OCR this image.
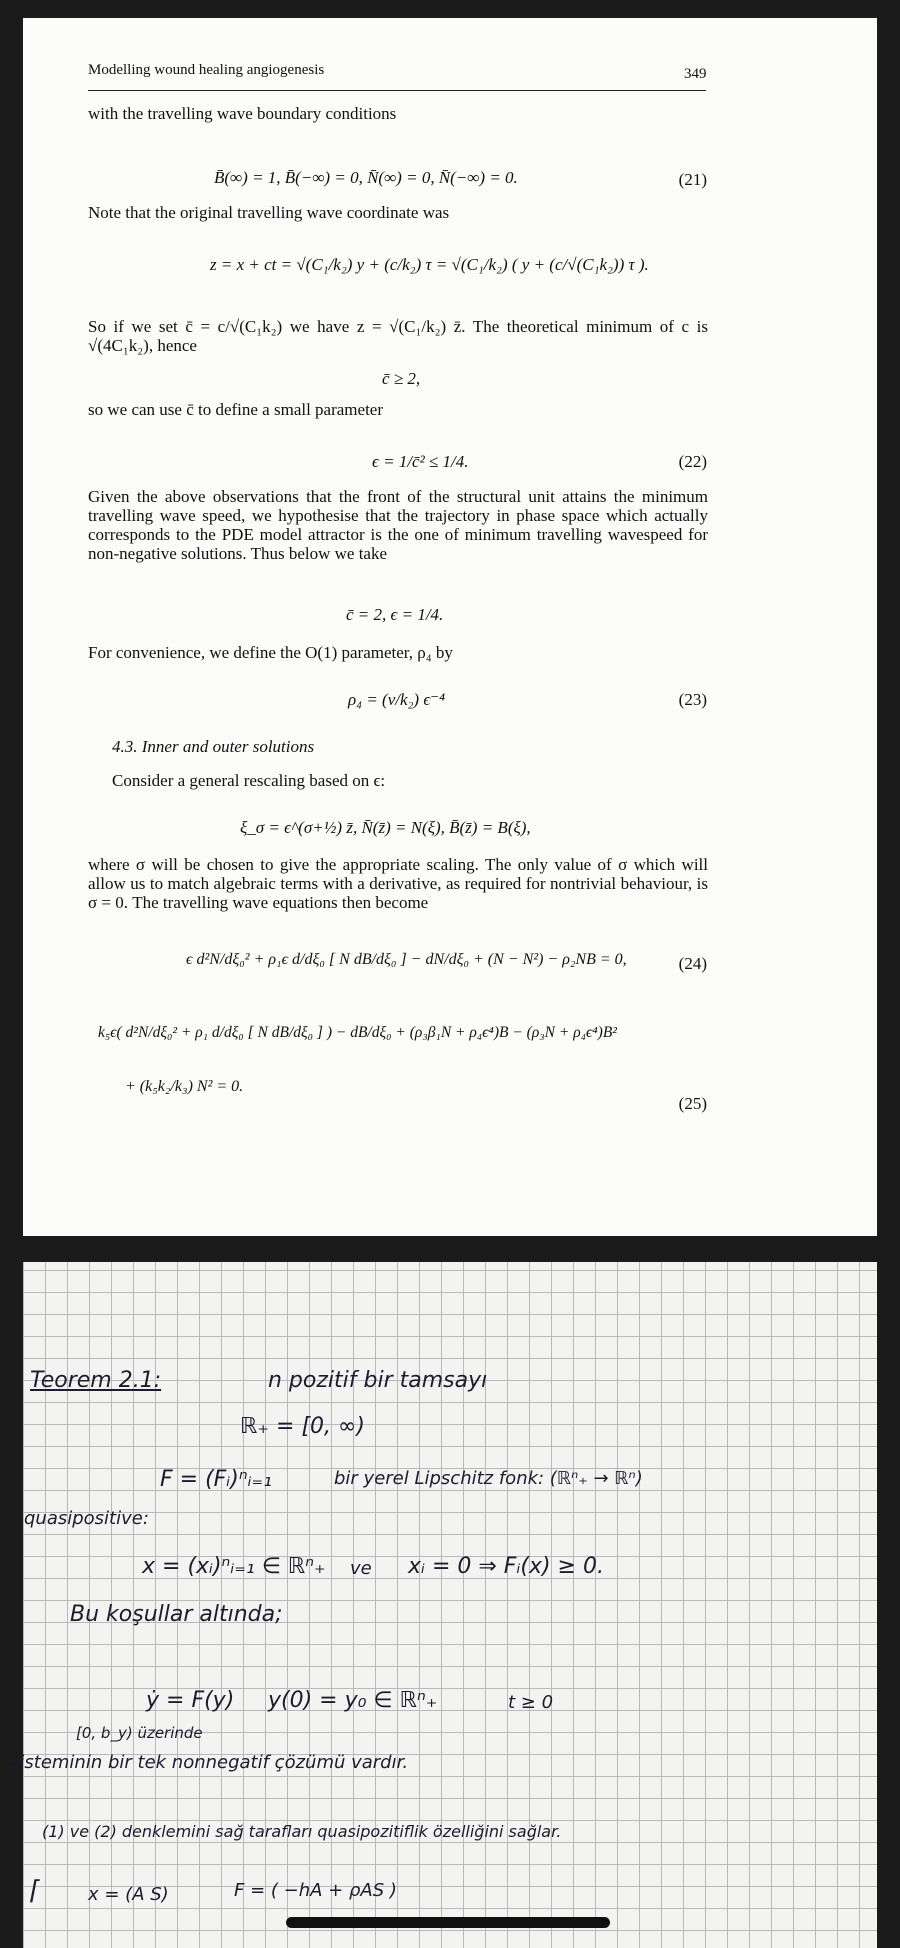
Modelling wound healing angiogenesis	349
with the travelling wave boundary conditions
B̄(∞) = 1, B̄(−∞) = 0, N̄(∞) = 0, N̄(−∞) = 0.	(21)
Note that the original travelling wave coordinate was
z = x + ct = √(C₁/k₂) y + (c/k₂) τ = √(C₁/k₂) ( y + (c/√(C₁k₂)) τ ).
So if we set c̄ = c/√(C₁k₂) we have z = √(C₁/k₂) z̄. The theoretical minimum of c is √(4C₁k₂), hence
c̄ ≥ 2,
so we can use c̄ to define a small parameter
ϵ = 1/c̄² ≤ 1/4.	(22)
Given the above observations that the front of the structural unit attains the minimum travelling wave speed, we hypothesise that the trajectory in phase space which actually corresponds to the PDE model attractor is the one of minimum travelling wavespeed for non-negative solutions. Thus below we take
c̄ = 2, ϵ = 1/4.
For convenience, we define the O(1) parameter, ρ₄ by
ρ₄ = (ν/k₂) ϵ⁻⁴	(23)
4.3. Inner and outer solutions
Consider a general rescaling based on ϵ:
ξ_σ = ϵ^(σ+½) z̄, N̄(z̄) = N(ξ), B̄(z̄) = B(ξ),
where σ will be chosen to give the appropriate scaling. The only value of σ which will allow us to match algebraic terms with a derivative, as required for nontrivial behaviour, is σ = 0. The travelling wave equations then become
ϵ d²N/dξ₀² + ρ₁ϵ d/dξ₀ [ N dB/dξ₀ ] − dN/dξ₀ + (N − N²) − ρ₂NB = 0,	(24)
k₅ϵ( d²N/dξ₀² + ρ₁ d/dξ₀ [ N dB/dξ₀ ] ) − dB/dξ₀ + (ρ₃β₁N + ρ₄ϵ⁴)B − (ρ₃N + ρ₄ϵ⁴)B²
+ (k₅k₂/k₃) N² = 0.
(25)
Teorem 2.1:	n pozitif bir tamsayı
ℝ₊ = [0, ∞)
F = (Fᵢ)ⁿᵢ₌₁	bir yerel Lipschitz fonk: (ℝⁿ₊ → ℝⁿ)
quasipositive:
x = (xᵢ)ⁿᵢ₌₁ ∈ ℝⁿ₊ ve xᵢ = 0 ⇒ Fᵢ(x) ≥ 0.
Bu koşullar altında;
ẏ = F(y) y(0) = y₀ ∈ ℝⁿ₊	t ≥ 0
[0, b_y) üzerinde
sisteminin bir tek nonnegatif çözümü vardır.
(1) ve (2) denklemini sağ tarafları quasipozitiflik özelliğini sağlar.
⌈	x = (A S)	F = ( −hA + ρAS )
